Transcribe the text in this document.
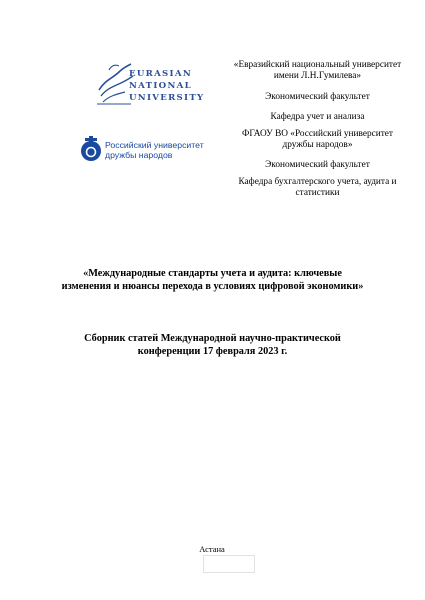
EURASIAN
NATIONAL
UNIVERSITY
Российский университет
дружбы народов
«Евразийский национальный университет имени Л.Н.Гумилева»
Экономический факультет
Кафедра учет и анализа
ФГАОУ ВО «Российский университет дружбы народов»
Экономический факультет
Кафедра бухгалтерского учета, аудита и статистики
«Международные стандарты учета и аудита: ключевые изменения и нюансы перехода в условиях цифровой экономики»
Сборник статей Международной научно-практической конференции 17 февраля 2023 г.
Астана
